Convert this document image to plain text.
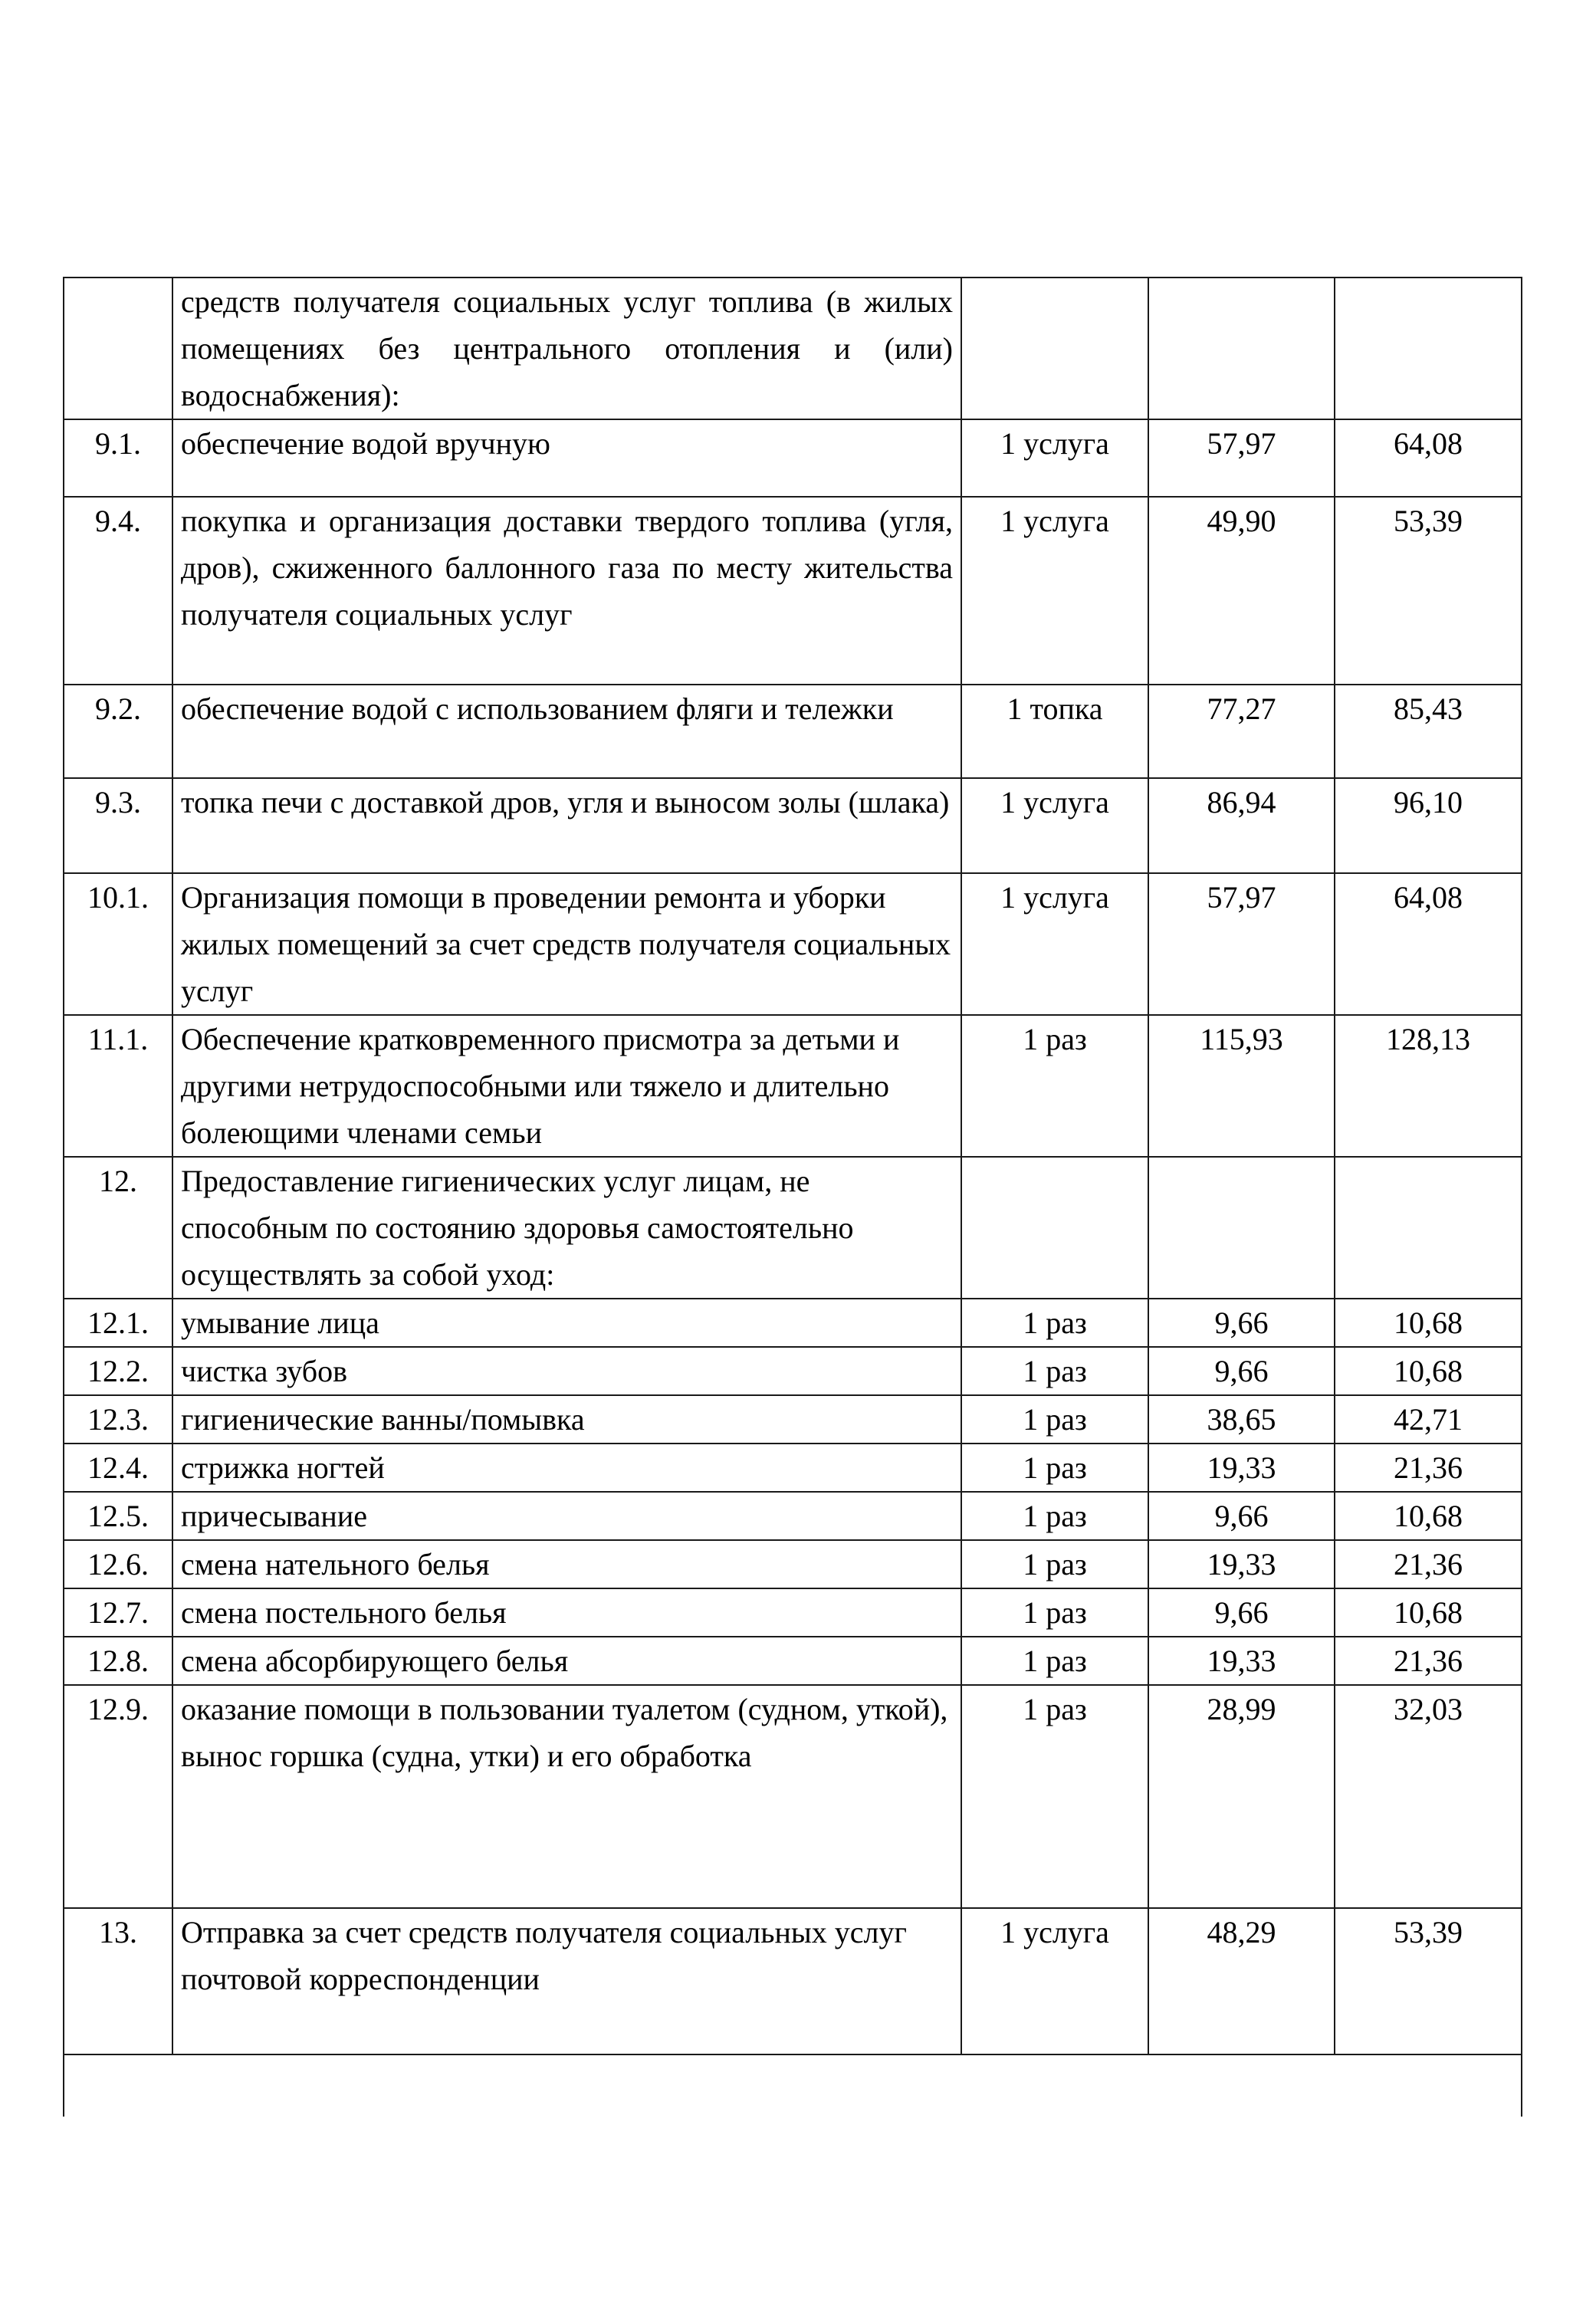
	средств получателя социальных услуг топлива (в жилых помещениях без центрального отопления и (или) водоснабжения):			
9.1.	обеспечение водой вручную	1 услуга	57,97	64,08
9.4.	покупка и организация доставки твердого топлива (угля, дров), сжиженного баллонного газа по месту жительства получателя социальных услуг	1 услуга	49,90	53,39
9.2.	обеспечение водой с использованием фляги и тележки	1 топка	77,27	85,43
9.3.	топка печи с доставкой дров, угля и выносом золы (шлака)	1 услуга	86,94	96,10
10.1.	Организация помощи в проведении ремонта и уборки жилых помещений за счет средств получателя социальных услуг	1 услуга	57,97	64,08
11.1.	Обеспечение кратковременного присмотра за детьми и другими нетрудоспособными или тяжело и длительно болеющими членами семьи	1 раз	115,93	128,13
12.	Предоставление гигиенических услуг лицам, не способным по состоянию здоровья самостоятельно осуществлять за собой уход:			
12.1.	умывание лица	1 раз	9,66	10,68
12.2.	чистка зубов	1 раз	9,66	10,68
12.3.	гигиенические ванны/помывка	1 раз	38,65	42,71
12.4.	стрижка ногтей	1 раз	19,33	21,36
12.5.	причесывание	1 раз	9,66	10,68
12.6.	смена нательного белья	1 раз	19,33	21,36
12.7.	смена постельного белья	1 раз	9,66	10,68
12.8.	смена абсорбирующего белья	1 раз	19,33	21,36
12.9.	оказание помощи в пользовании туалетом (судном, уткой), вынос горшка (судна, утки) и его обработка	1 раз	28,99	32,03
13.	Отправка за счет средств получателя социальных услуг почтовой корреспонденции	1 услуга	48,29	53,39
